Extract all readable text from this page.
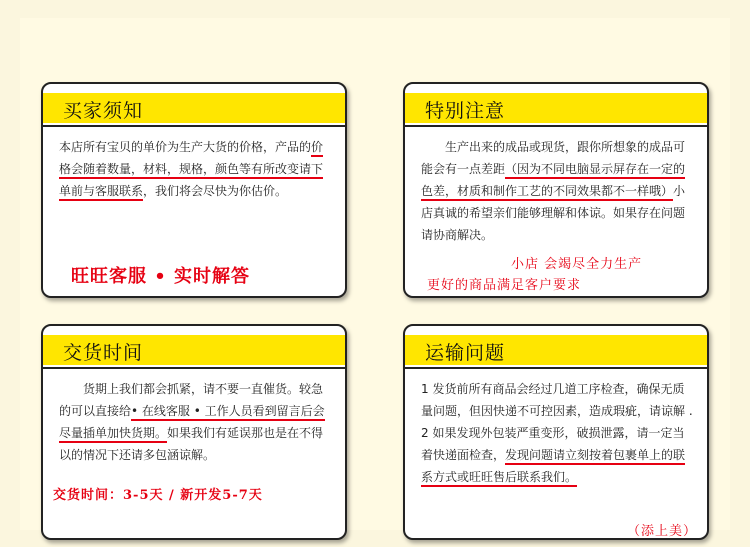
买家须知
本店所有宝贝的单价为生产大货的价格，产品的价格会随着数量，材料，规格，颜色等有所改变请下单前与客服联系，我们将会尽快为你估价。
旺旺客服 • 实时解答
特别注意
生产出来的成品或现货，跟你所想象的成品可能会有一点差距（因为不同电脑显示屏存在一定的色差，材质和制作工艺的不同效果都不一样哦）小店真诚的希望亲们能够理解和体谅。如果存在问题请协商解决。
小店 会竭尽全力生产
更好的商品满足客户要求
交货时间
货期上我们都会抓紧，请不要一直催货。较急的可以直接给• 在线客服 • 工作人员看到留言后会尽量插单加快货期。如果我们有延误那也是在不得以的情况下还请多包涵谅解。
交货时间：3-5天 / 新开发5-7天
运输问题
1 发货前所有商品会经过几道工序检查，确保无质量问题，但因快递不可控因素，造成瑕疵，请谅解 .
2 如果发现外包装严重变形，破损泄露，请一定当着快递面检查，发现问题请立刻按着包裹单上的联系方式或旺旺售后联系我们。
（添上美）
